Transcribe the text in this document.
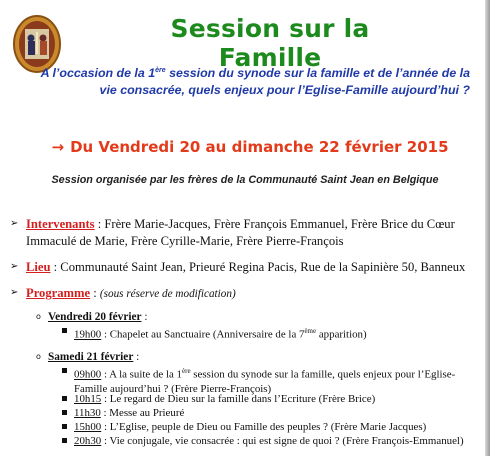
Session sur la Famille
A l’occasion de la 1ère session du synode sur la famille et de l’année de la vie consacrée, quels enjeux pour l’Eglise-Famille aujourd’hui ?
→ Du Vendredi 20 au dimanche 22 février 2015
Session organisée par les frères de la Communauté Saint Jean en Belgique
➢ Intervenants : Frère Marie-Jacques, Frère François Emmanuel, Frère Brice du Cœur Immaculé de Marie, Frère Cyrille-Marie, Frère Pierre-François
➢ Lieu : Communauté Saint Jean, Prieuré Regina Pacis, Rue de la Sapinière 50, Banneux
➢ Programme : (sous réserve de modification)
o Vendredi 20 février :
19h00 : Chapelet au Sanctuaire (Anniversaire de la 7ème apparition)
o Samedi 21 février :
09h00 : A la suite de la 1ère session du synode sur la famille, quels enjeux pour l’Eglise-Famille aujourd’hui ? (Frère Pierre-François)
10h15 : Le regard de Dieu sur la famille dans l’Ecriture (Frère Brice)
11h30 : Messe au Prieuré
15h00 : L’Eglise, peuple de Dieu ou Famille des peuples ? (Frère Marie Jacques)
20h30 : Vie conjugale, vie consacrée : qui est signe de quoi ? (Frère François-Emmanuel)
